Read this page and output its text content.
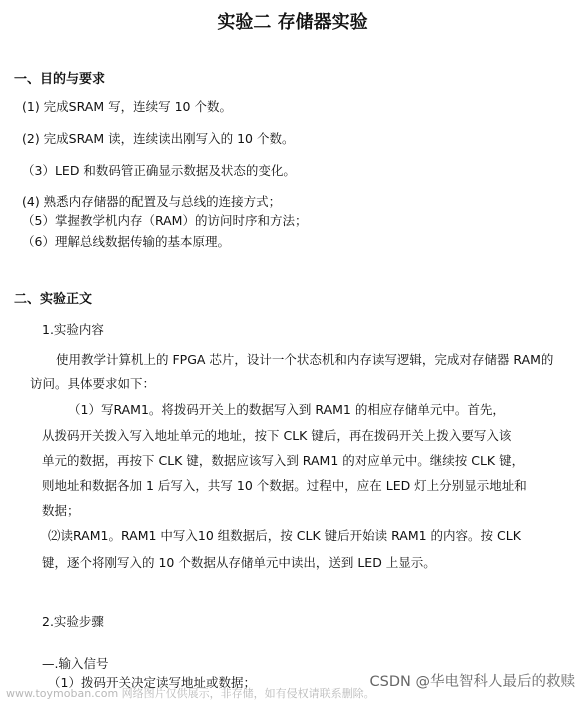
实验二 存储器实验
一、目的与要求
(1) 完成SRAM 写，连续写 10 个数。
(2) 完成SRAM 读，连续读出刚写入的 10 个数。
（3）LED 和数码管正确显示数据及状态的变化。
(4) 熟悉内存储器的配置及与总线的连接方式；
（5）掌握教学机内存（RAM）的访问时序和方法；
（6）理解总线数据传输的基本原理。
二、实验正文
1.实验内容
使用教学计算机上的 FPGA 芯片，设计一个状态机和内存读写逻辑，完成对存储器 RAM的
访问。具体要求如下：
（1）写RAM1。将拨码开关上的数据写入到 RAM1 的相应存储单元中。首先，
从拨码开关拨入写入地址单元的地址，按下 CLK 键后，再在拨码开关上拨入要写入该
单元的数据，再按下 CLK 键，数据应该写入到 RAM1 的对应单元中。继续按 CLK 键，
则地址和数据各加 1 后写入，共写 10 个数据。过程中，应在 LED 灯上分别显示地址和
数据；
⑵读RAM1。RAM1 中写入10 组数据后，按 CLK 键后开始读 RAM1 的内容。按 CLK
键，逐个将刚写入的 10 个数据从存储单元中读出，送到 LED 上显示。
2.实验步骤
—.输入信号
（1）拨码开关决定读写地址或数据；	CSDN @华电智科人最后的救赎
www.toymoban.com 网络图片仅供展示，非存储，如有侵权请联系删除。
